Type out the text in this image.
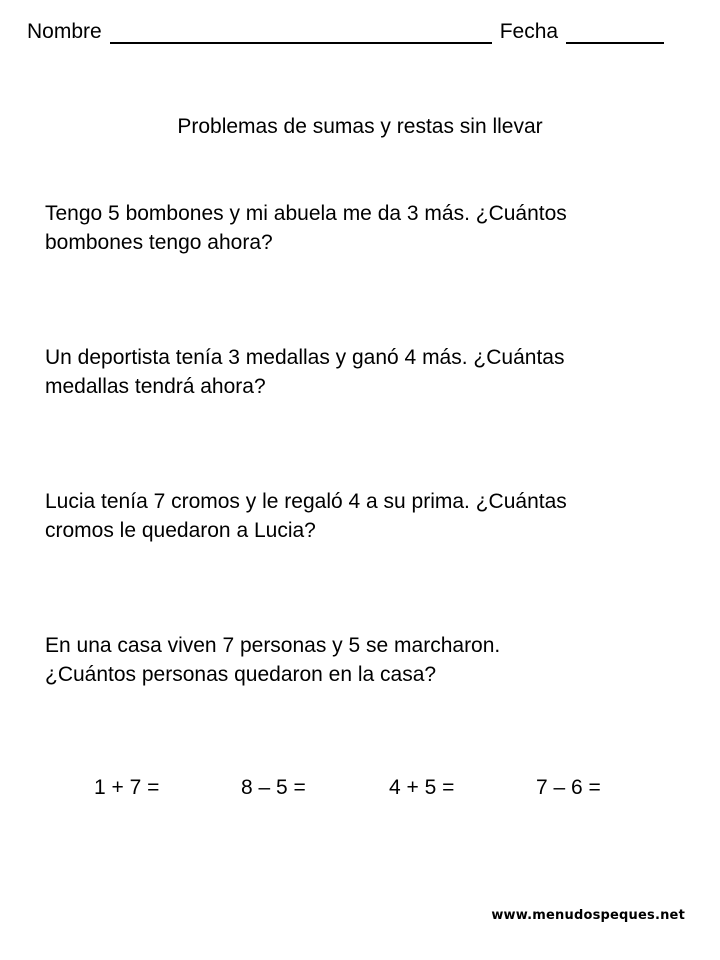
Nombre	Fecha
Problemas de sumas y restas sin llevar
Tengo 5 bombones y mi abuela me da 3 más. ¿Cuántos
bombones tengo ahora?
Un deportista tenía 3 medallas y ganó 4 más. ¿Cuántas
medallas tendrá ahora?
Lucia tenía 7 cromos y le regaló 4 a su prima. ¿Cuántas
cromos le quedaron a Lucia?
En una casa viven 7 personas y 5 se marcharon.
¿Cuántos personas quedaron en la casa?
1 + 7 =	8 – 5 =	4 + 5 =	7 – 6 =
www.menudospeques.net
